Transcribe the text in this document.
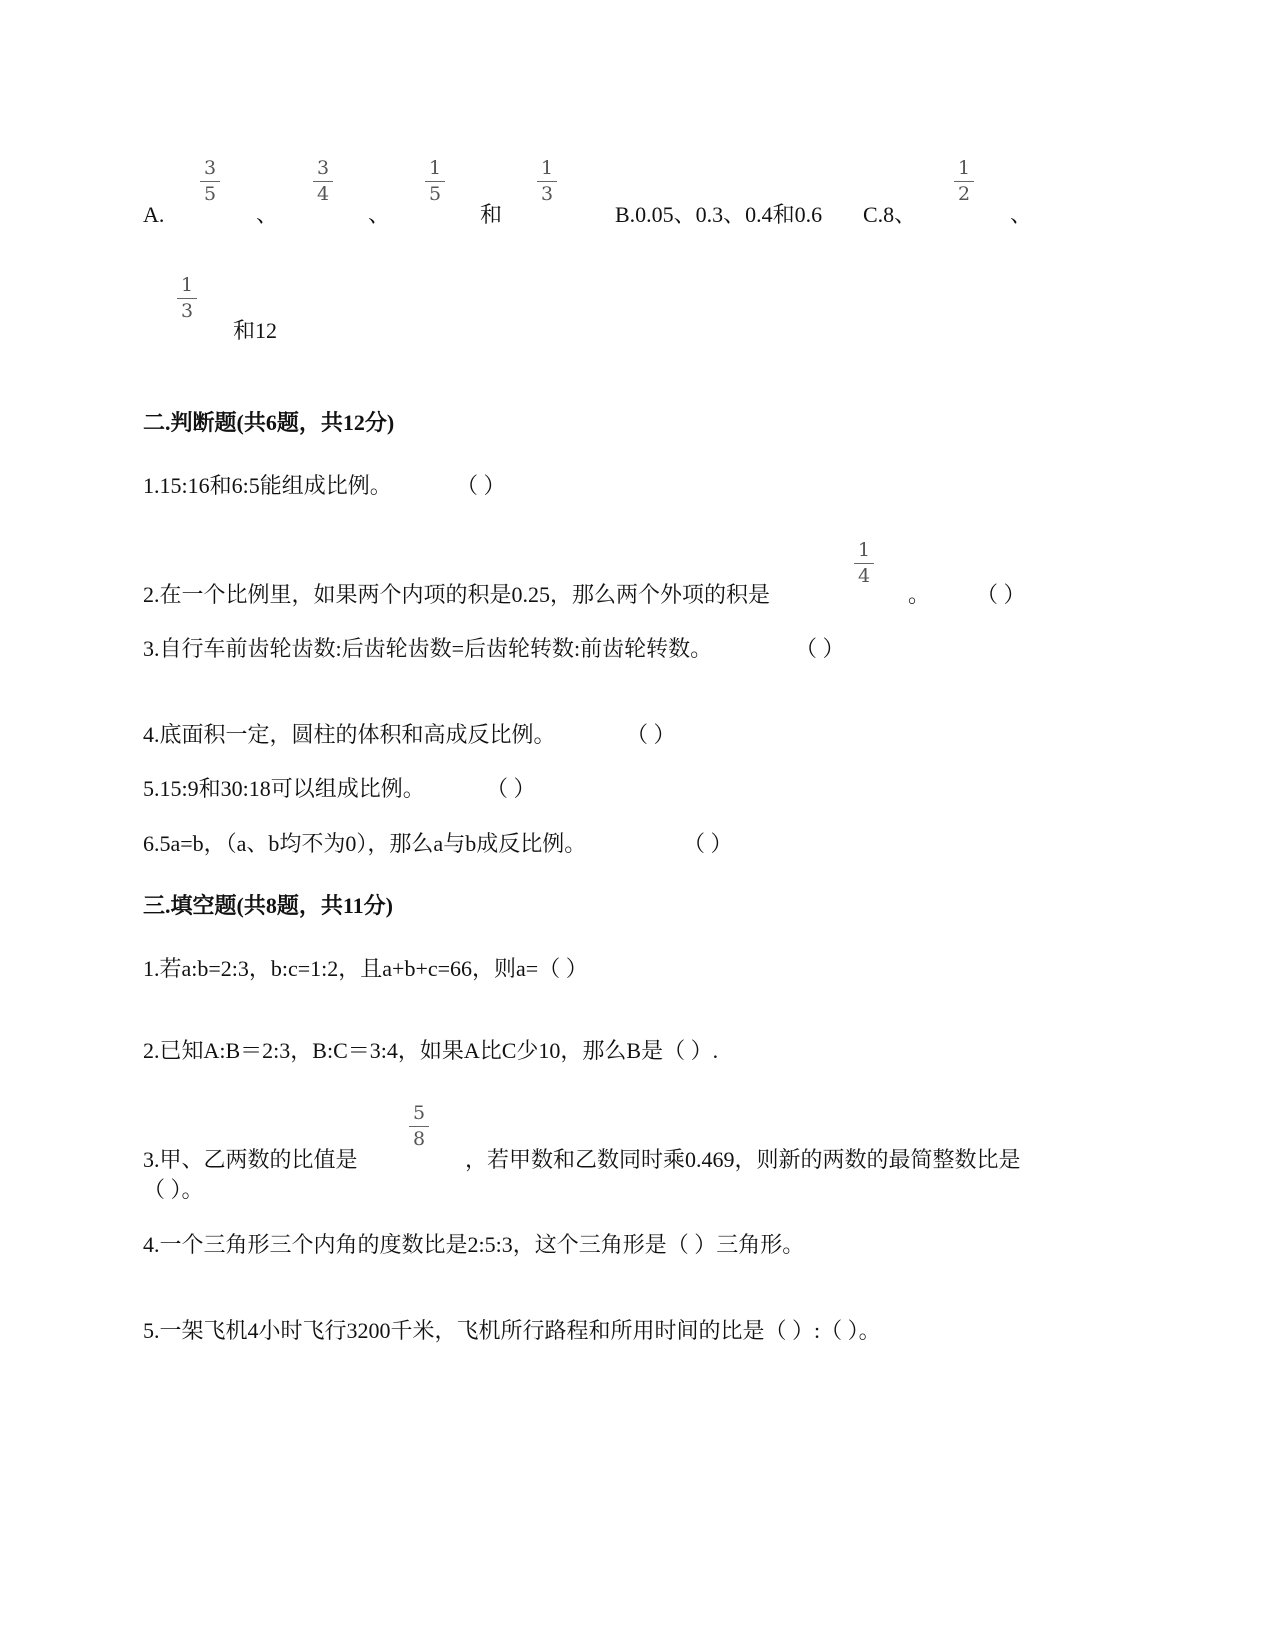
A.
3
5
、
3
4
、
1
5
和
1
3
B.0.05、0.3、0.4和0.6 C.8、
1
2
、
1
3
和12
二.判断题(共6题，共12分)
1.15:16和6:5能组成比例。	（ ）
2.在一个比例里，如果两个内项的积是0.25，那么两个外项的积是
1
4
。 （ ）
3.自行车前齿轮齿数:后齿轮齿数=后齿轮转数:前齿轮转数。	（ ）
4.底面积一定，圆柱的体积和高成反比例。	（ ）
5.15:9和30:18可以组成比例。	（ ）
6.5a=b，（a、b均不为0），那么a与b成反比例。	（ ）
三.填空题(共8题，共11分)
1.若a:b=2:3，b:c=1:2，且a+b+c=66，则a=（ ）
2.已知A:B＝2:3，B:C＝3:4，如果A比C少10，那么B是（ ）.
3.甲、乙两数的比值是
5
8
，若甲数和乙数同时乘0.469，则新的两数的最简整数比是
（ ）。
4.一个三角形三个内角的度数比是2:5:3，这个三角形是（ ）三角形。
5.一架飞机4小时飞行3200千米，飞机所行路程和所用时间的比是（ ）:（ ）。
